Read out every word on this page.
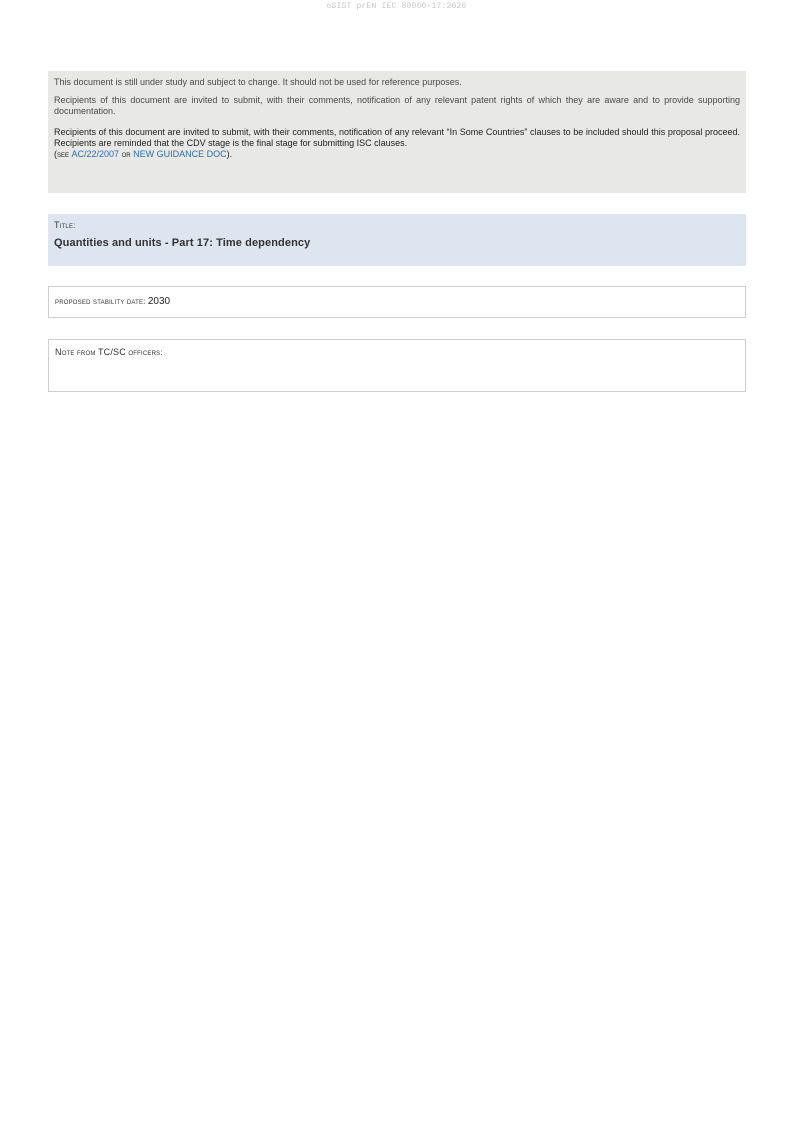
oSIST prEN IEC 80000-17:2026

This document is still under study and subject to change. It should not be used for reference purposes.

Recipients of this document are invited to submit, with their comments, notification of any relevant patent rights of which they are aware and to provide supporting documentation.

Recipients of this document are invited to submit, with their comments, notification of any relevant “In Some Countries” clauses to be included should this proposal proceed. Recipients are reminded that the CDV stage is the final stage for submitting ISC clauses.
(see AC/22/2007 or NEW GUIDANCE DOC).

Title:
Quantities and units - Part 17: Time dependency
proposed stability date: 2030
Note from TC/SC officers:
